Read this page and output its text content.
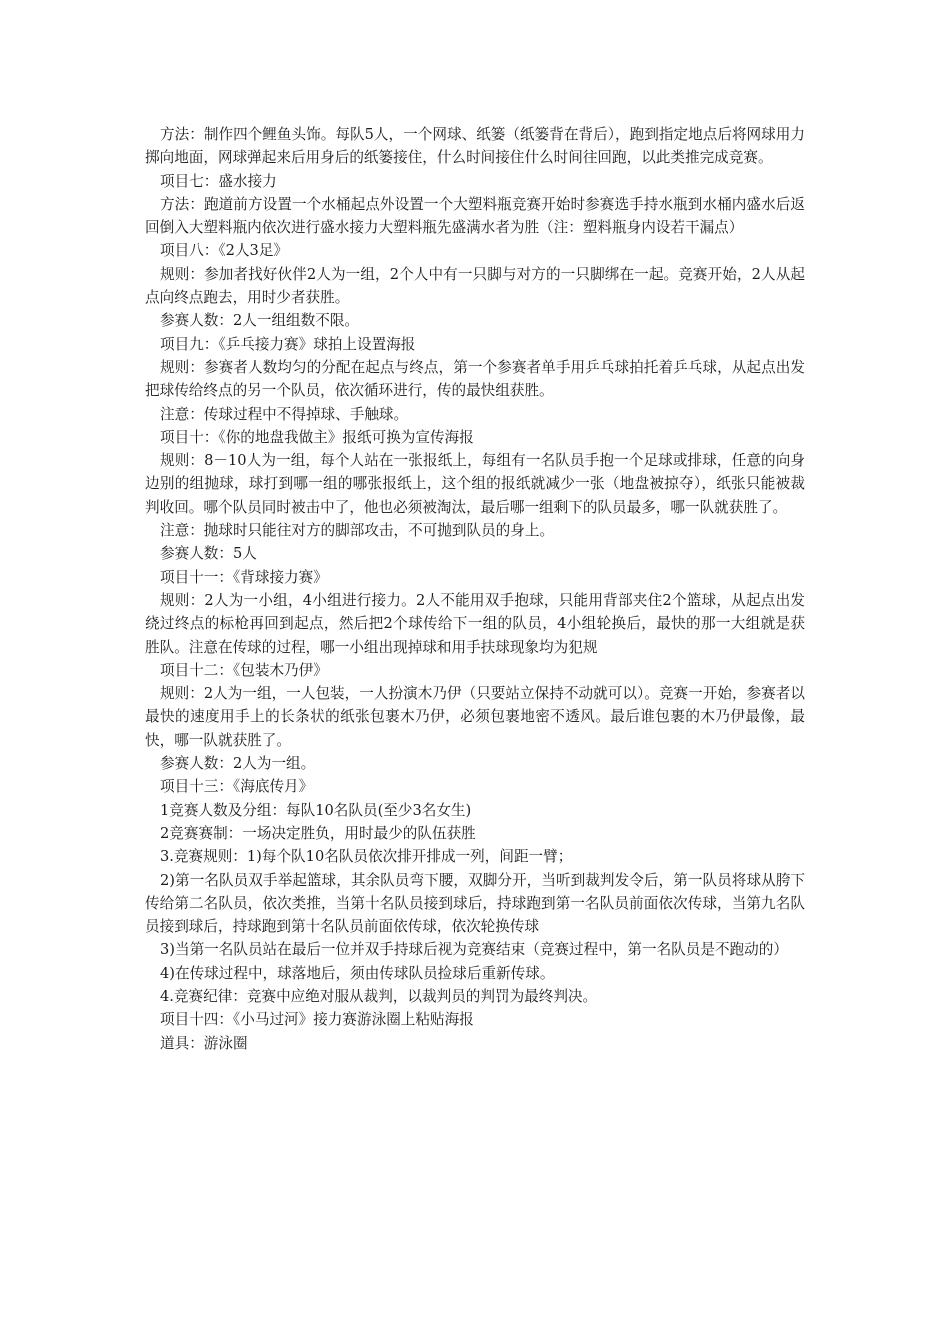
方法：制作四个鲤鱼头饰。每队5人，一个网球、纸篓（纸篓背在背后），跑到指定地点后将网球用力掷向地面，网球弹起来后用身后的纸篓接住，什么时间接住什么时间往回跑，以此类推完成竞赛。

项目七：盛水接力

方法：跑道前方设置一个水桶起点外设置一个大塑料瓶竞赛开始时参赛选手持水瓶到水桶内盛水后返回倒入大塑料瓶内依次进行盛水接力大塑料瓶先盛满水者为胜（注：塑料瓶身内设若干漏点）

项目八：《2人3足》

规则：参加者找好伙伴2人为一组，2个人中有一只脚与对方的一只脚绑在一起。竞赛开始，2人从起点向终点跑去，用时少者获胜。

参赛人数：2人一组组数不限。

项目九：《乒乓接力赛》球拍上设置海报

规则：参赛者人数均匀的分配在起点与终点，第一个参赛者单手用乒乓球拍托着乒乓球，从起点出发把球传给终点的另一个队员，依次循环进行，传的最快组获胜。

注意：传球过程中不得掉球、手触球。

项目十：《你的地盘我做主》报纸可换为宣传海报

规则：8－10人为一组，每个人站在一张报纸上，每组有一名队员手抱一个足球或排球，任意的向身边别的组抛球，球打到哪一组的哪张报纸上，这个组的报纸就减少一张（地盘被掠夺），纸张只能被裁判收回。哪个队员同时被击中了，他也必须被淘汰，最后哪一组剩下的队员最多，哪一队就获胜了。

注意：抛球时只能往对方的脚部攻击，不可抛到队员的身上。

参赛人数：5人

项目十一：《背球接力赛》

规则：2人为一小组，4小组进行接力。2人不能用双手抱球，只能用背部夹住2个篮球，从起点出发绕过终点的标枪再回到起点，然后把2个球传给下一组的队员，4小组轮换后，最快的那一大组就是获胜队。注意在传球的过程，哪一小组出现掉球和用手扶球现象均为犯规

项目十二：《包装木乃伊》

规则：2人为一组，一人包装，一人扮演木乃伊（只要站立保持不动就可以）。竞赛一开始，参赛者以最快的速度用手上的长条状的纸张包裹木乃伊，必须包裹地密不透风。最后谁包裹的木乃伊最像，最快，哪一队就获胜了。

参赛人数：2人为一组。

项目十三：《海底传月》

1竞赛人数及分组：每队10名队员(至少3名女生)

2竞赛赛制：一场决定胜负，用时最少的队伍获胜

3.竞赛规则：1)每个队10名队员依次排开排成一列，间距一臂；

2)第一名队员双手举起篮球，其余队员弯下腰，双脚分开，当听到裁判发令后，第一队员将球从胯下传给第二名队员，依次类推，当第十名队员接到球后，持球跑到第一名队员前面依次传球，当第九名队员接到球后，持球跑到第十名队员前面依传球，依次轮换传球

3)当第一名队员站在最后一位并双手持球后视为竞赛结束（竞赛过程中，第一名队员是不跑动的）

4)在传球过程中，球落地后，须由传球队员捡球后重新传球。

4.竞赛纪律：竞赛中应绝对服从裁判，以裁判员的判罚为最终判决。

项目十四：《小马过河》接力赛游泳圈上粘贴海报

道具：游泳圈
